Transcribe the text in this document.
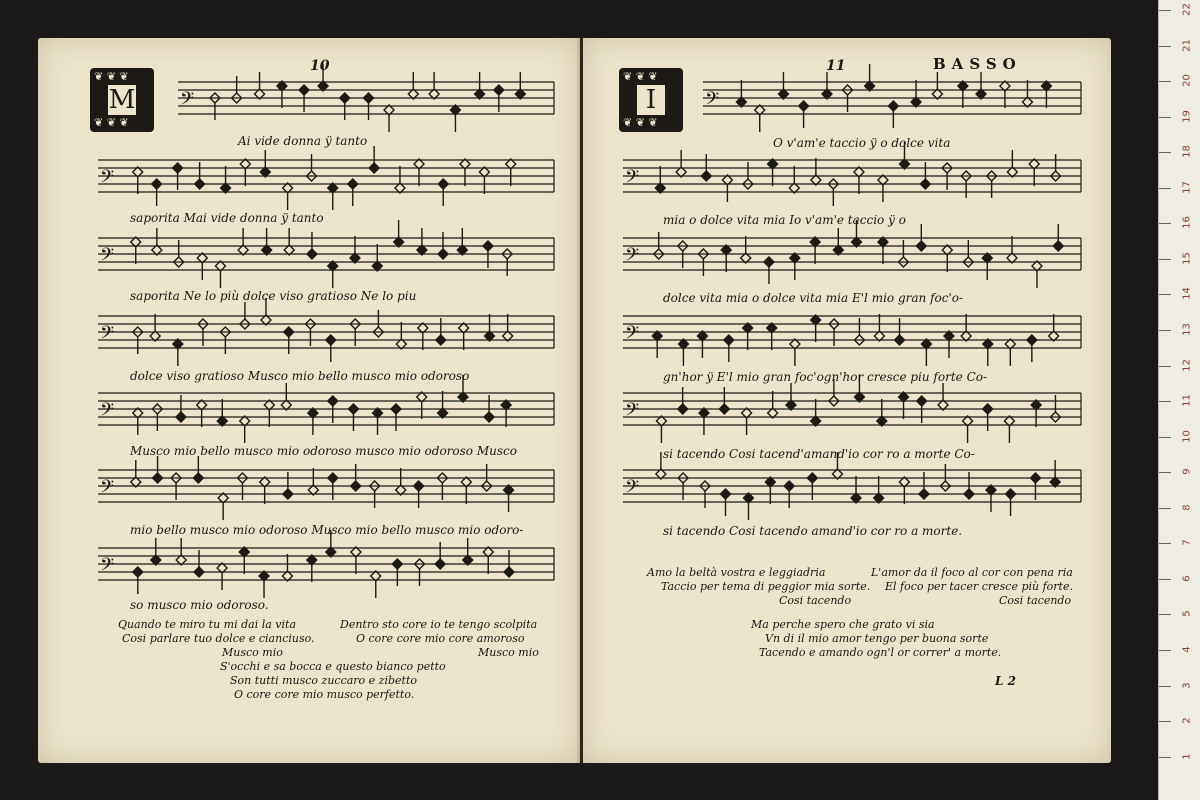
22
21
20
19
18
17
16
15
14
13
12
11
10
9
8
7
6
5
4
3
2
1
10
❦ ❦ ❦
❦ ❦ ❦
M 𝄢
𝄢
𝄢
𝄢
𝄢
𝄢
𝄢
Ai vide donna ÿ tanto
saporita Mai vide donna ÿ tanto
saporita Ne lo più dolce viso gratioso Ne lo piu
dolce viso gratioso Musco mio bello musco mio odoroso
Musco mio bello musco mio odoroso musco mio odoroso Musco
mio bello musco mio odoroso Musco mio bello musco mio odoro-
so musco mio odoroso.
Quando te miro tu mi dai la vita
Cosi parlare tuo dolce e cianciuso.
Musco mio
Dentro sto core io te tengo scolpita
O core core mio core amoroso
Musco mio
S'occhi e sa bocca e questo bianco petto
Son tutti musco zuccaro e zibetto
O core core mio musco perfetto.
11	BASSO
❦ ❦ ❦
❦ ❦ ❦
I	𝄢
𝄢
𝄢
𝄢
𝄢
𝄢
O v'am'e taccio ÿ o dolce vita
mia o dolce vita mia Io v'am'e taccio ÿ o
dolce vita mia o dolce vita mia E'l mio gran foc'o-
gn'hor ÿ E'l mio gran foc'ogn'hor cresce piu forte Co-
si tacendo Cosi tacend'amand'io cor ro a morte Co-
si tacendo Cosi tacendo amand'io cor ro a morte.
Amo la beltà vostra e leggiadria
Taccio per tema di peggior mia sorte.
Cosi tacendo
L'amor da il foco al cor con pena ria
El foco per tacer cresce più forte.
Cosi tacendo
Ma perche spero che grato vi sia
Vn di il mio amor tengo per buona sorte
Tacendo e amando ogn'l or correr' a morte.
L 2
